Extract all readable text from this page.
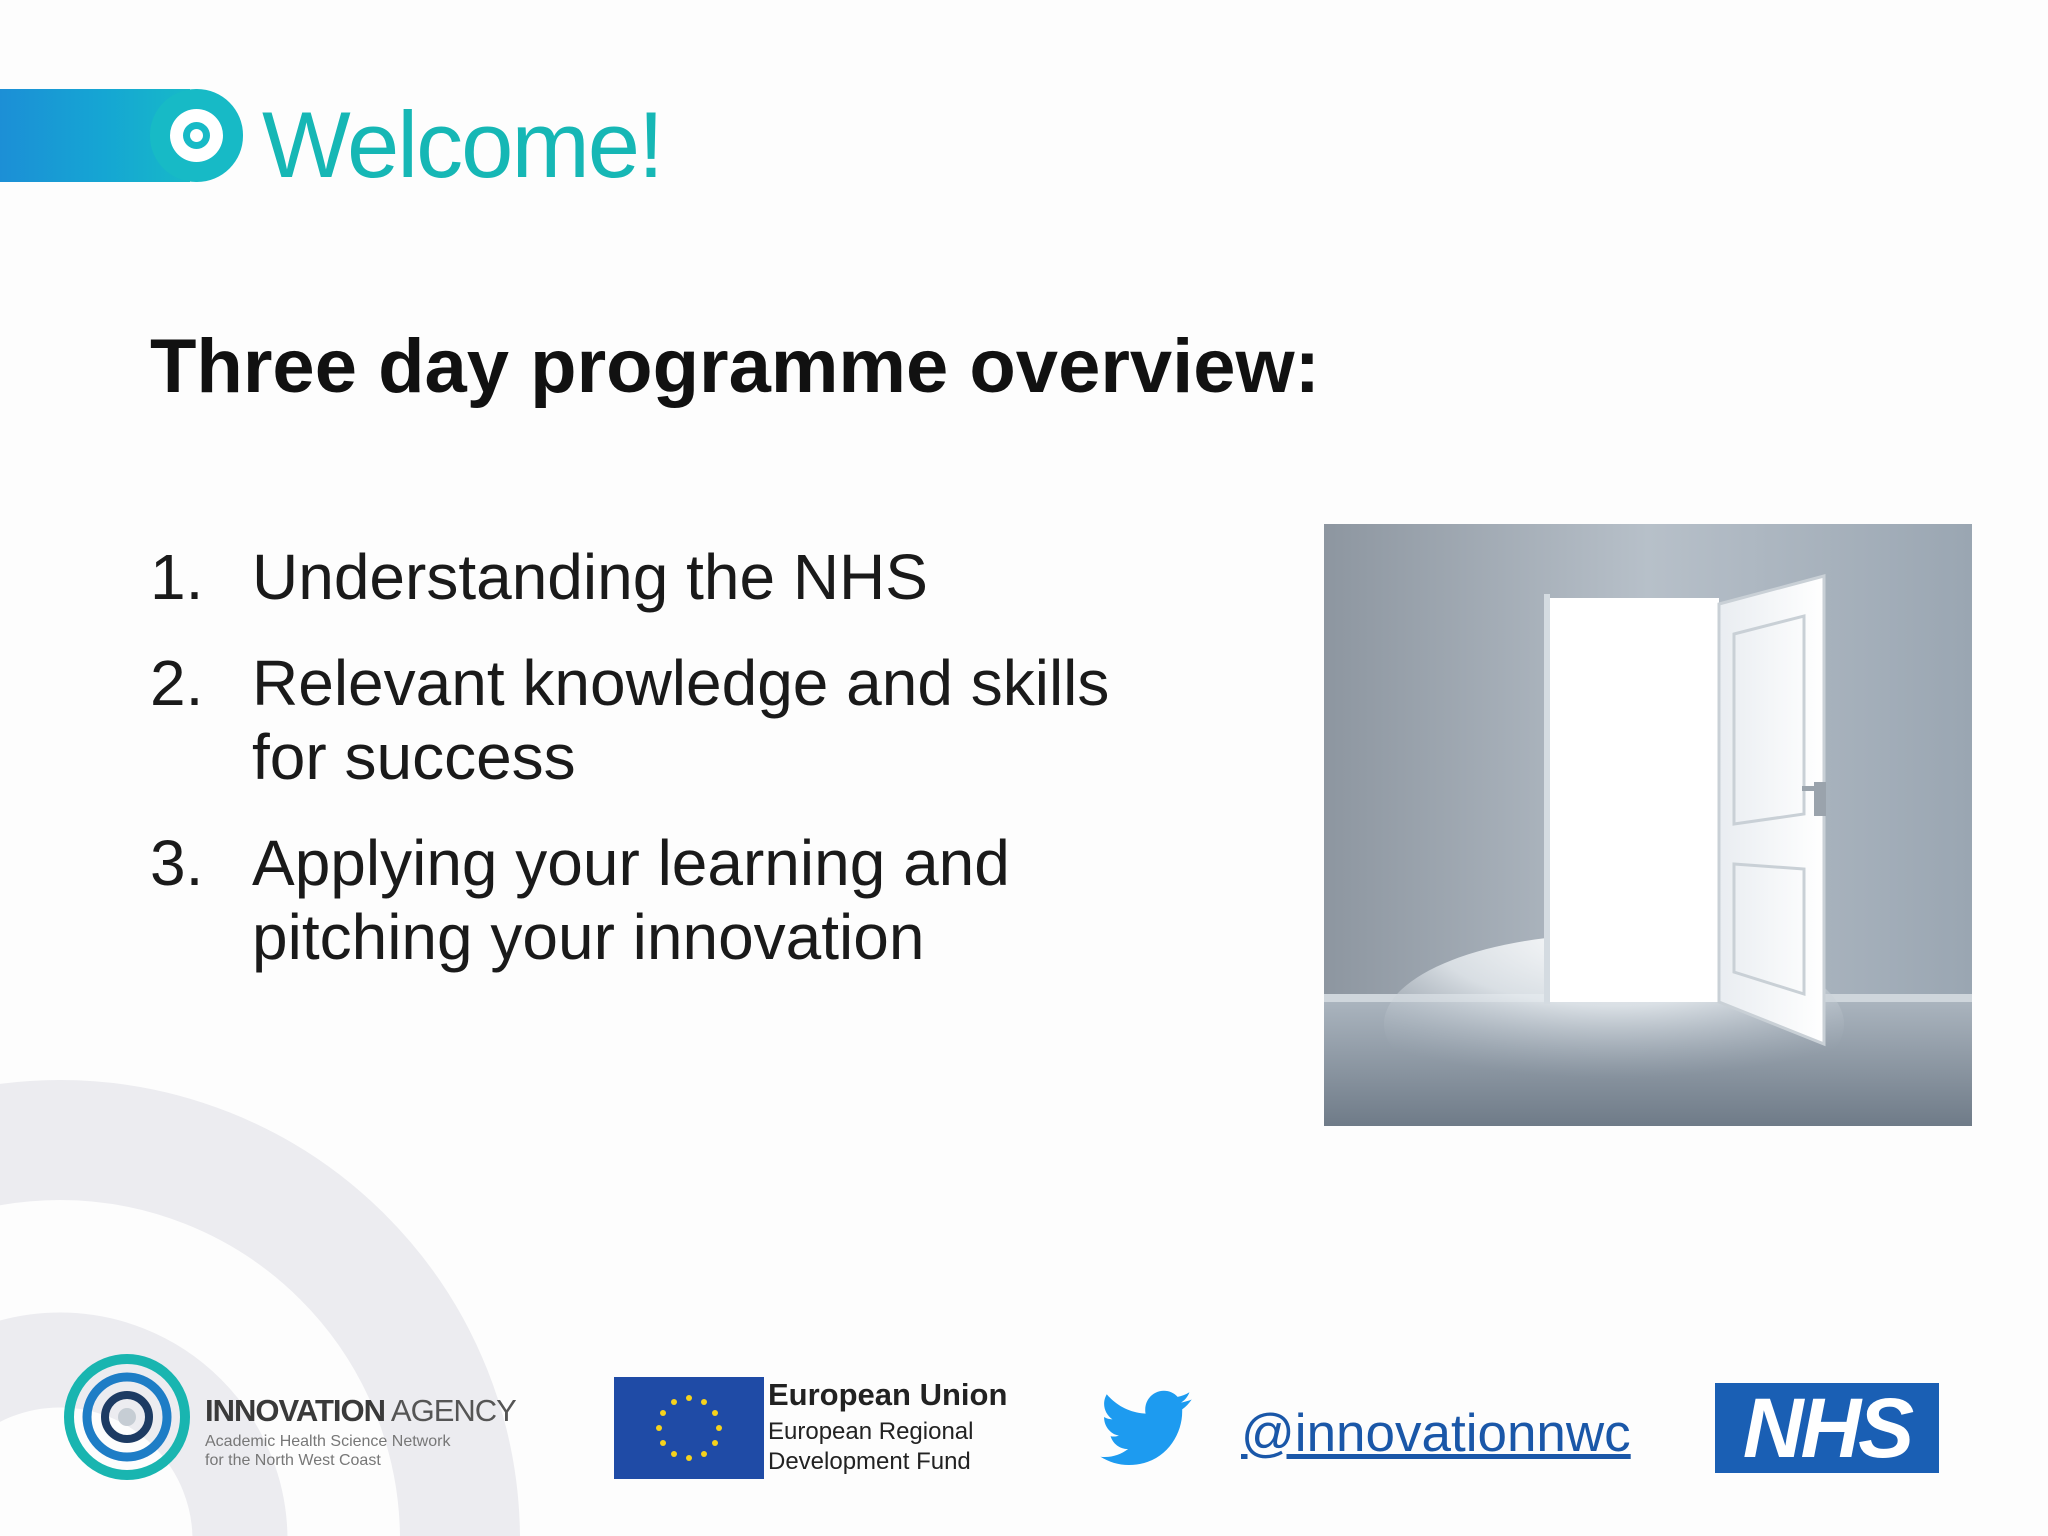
Welcome!
Three day programme overview:
1. Understanding the NHS
2. Relevant knowledge and skills
for success
3. Applying your learning and
pitching your innovation
INNOVATION AGENCY
Academic Health Science Network
for the North West Coast
European Union
European Regional
Development Fund	@innovationnwc	NHS
